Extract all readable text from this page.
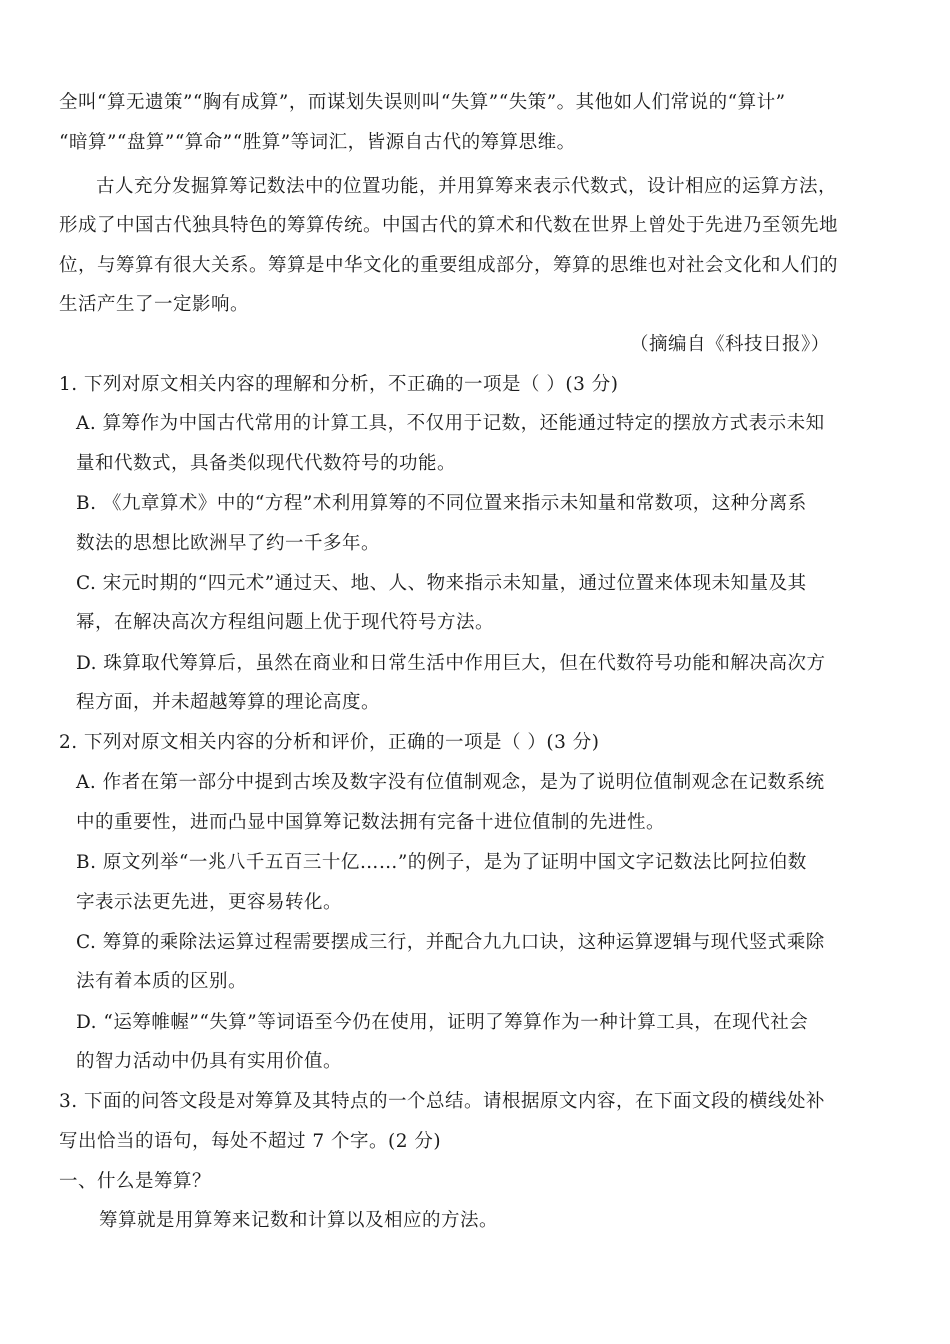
全叫“算无遗策”“胸有成算”，而谋划失误则叫“失算”“失策”。其他如人们常说的“算计”
“暗算”“盘算”“算命”“胜算”等词汇，皆源自古代的筹算思维。
古人充分发掘算筹记数法中的位置功能，并用算筹来表示代数式，设计相应的运算方法，
形成了中国古代独具特色的筹算传统。中国古代的算术和代数在世界上曾处于先进乃至领先地
位，与筹算有很大关系。筹算是中华文化的重要组成部分，筹算的思维也对社会文化和人们的
生活产生了一定影响。
（摘编自《科技日报》）
1. 下列对原文相关内容的理解和分析，不正确的一项是（ ）(3 分)
A. 算筹作为中国古代常用的计算工具，不仅用于记数，还能通过特定的摆放方式表示未知
量和代数式，具备类似现代代数符号的功能。
B. 《九章算术》中的“方程”术利用算筹的不同位置来指示未知量和常数项，这种分离系
数法的思想比欧洲早了约一千多年。
C. 宋元时期的“四元术”通过天、地、人、物来指示未知量，通过位置来体现未知量及其
幂，在解决高次方程组问题上优于现代符号方法。
D. 珠算取代筹算后，虽然在商业和日常生活中作用巨大，但在代数符号功能和解决高次方
程方面，并未超越筹算的理论高度。
2. 下列对原文相关内容的分析和评价，正确的一项是（ ）(3 分)
A. 作者在第一部分中提到古埃及数字没有位值制观念，是为了说明位值制观念在记数系统
中的重要性，进而凸显中国算筹记数法拥有完备十进位值制的先进性。
B. 原文列举“一兆八千五百三十亿……”的例子，是为了证明中国文字记数法比阿拉伯数
字表示法更先进，更容易转化。
C. 筹算的乘除法运算过程需要摆成三行，并配合九九口诀，这种运算逻辑与现代竖式乘除
法有着本质的区别。
D. “运筹帷幄”“失算”等词语至今仍在使用，证明了筹算作为一种计算工具，在现代社会
的智力活动中仍具有实用价值。
3. 下面的问答文段是对筹算及其特点的一个总结。请根据原文内容，在下面文段的横线处补
写出恰当的语句，每处不超过 7 个字。(2 分)
一、什么是筹算？
筹算就是用算筹来记数和计算以及相应的方法。
